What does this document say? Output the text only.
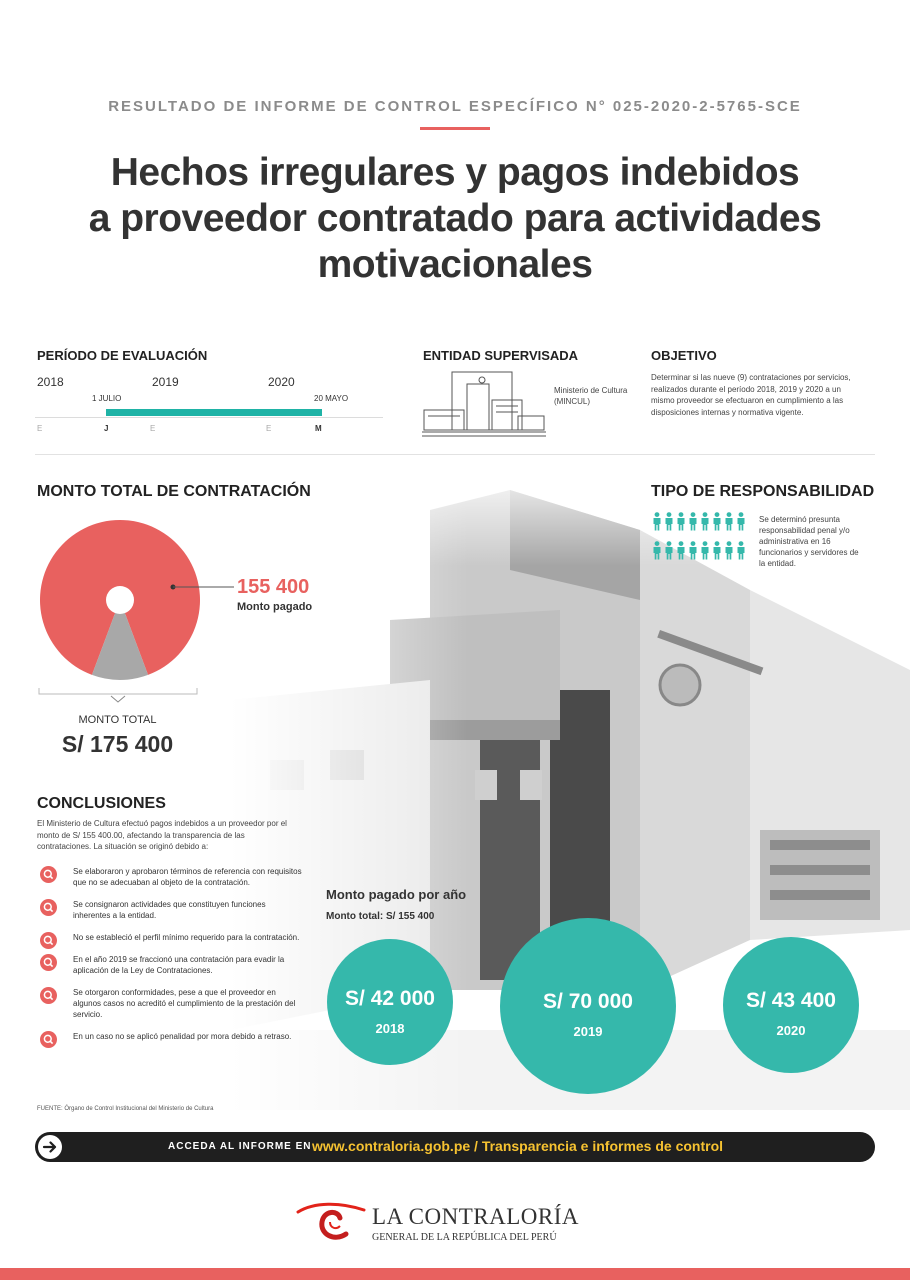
RESULTADO DE INFORME DE CONTROL ESPECÍFICO N° 025-2020-2-5765-SCE
Hechos irregulares y pagos indebidos
a proveedor contratado para actividades
motivacionales
PERÍODO DE EVALUACIÓN
2018	2019	2020
1 JULIO	20 MAYO
E	J	E	E	M
ENTIDAD SUPERVISADA
Ministerio de Cultura (MINCUL)
OBJETIVO
Determinar si las nueve (9) contrataciones por servicios, realizados durante el período 2018, 2019 y 2020 a un mismo proveedor se efectuaron en cumplimiento a las disposiciones internas y normativa vigente.
MONTO TOTAL DE CONTRATACIÓN
155 400
Monto pagado
MONTO TOTAL
S/ 175 400
TIPO DE RESPONSABILIDAD
Se determinó presunta responsabilidad penal y/o administrativa en 16 funcionarios y servidores de la entidad.
CONCLUSIONES
El Ministerio de Cultura efectuó pagos indebidos a un proveedor por el monto de S/ 155 400.00, afectando la transparencia de las contrataciones. La situación se originó debido a:
Se elaboraron y aprobaron términos de referencia con requisitos que no se adecuaban al objeto de la contratación.
Se consignaron actividades que constituyen funciones inherentes a la entidad.
No se estableció el perfil mínimo requerido para la contratación.
En el año 2019 se fraccionó una contratación para evadir la aplicación de la Ley de Contrataciones.
Se otorgaron conformidades, pese a que el proveedor en algunos casos no acreditó el cumplimiento de la prestación del servicio.
En un caso no se aplicó penalidad por mora debido a retraso.
Monto pagado por año
Monto total: S/ 155 400
S/ 42 000
2018
S/ 70 000
2019
S/ 43 400
2020
FUENTE: Órgano de Control Institucional del Ministerio de Cultura
ACCEDA AL INFORME EN www.contraloria.gob.pe / Transparencia e informes de control
LA CONTRALORÍA
GENERAL DE LA REPÚBLICA DEL PERÚ
